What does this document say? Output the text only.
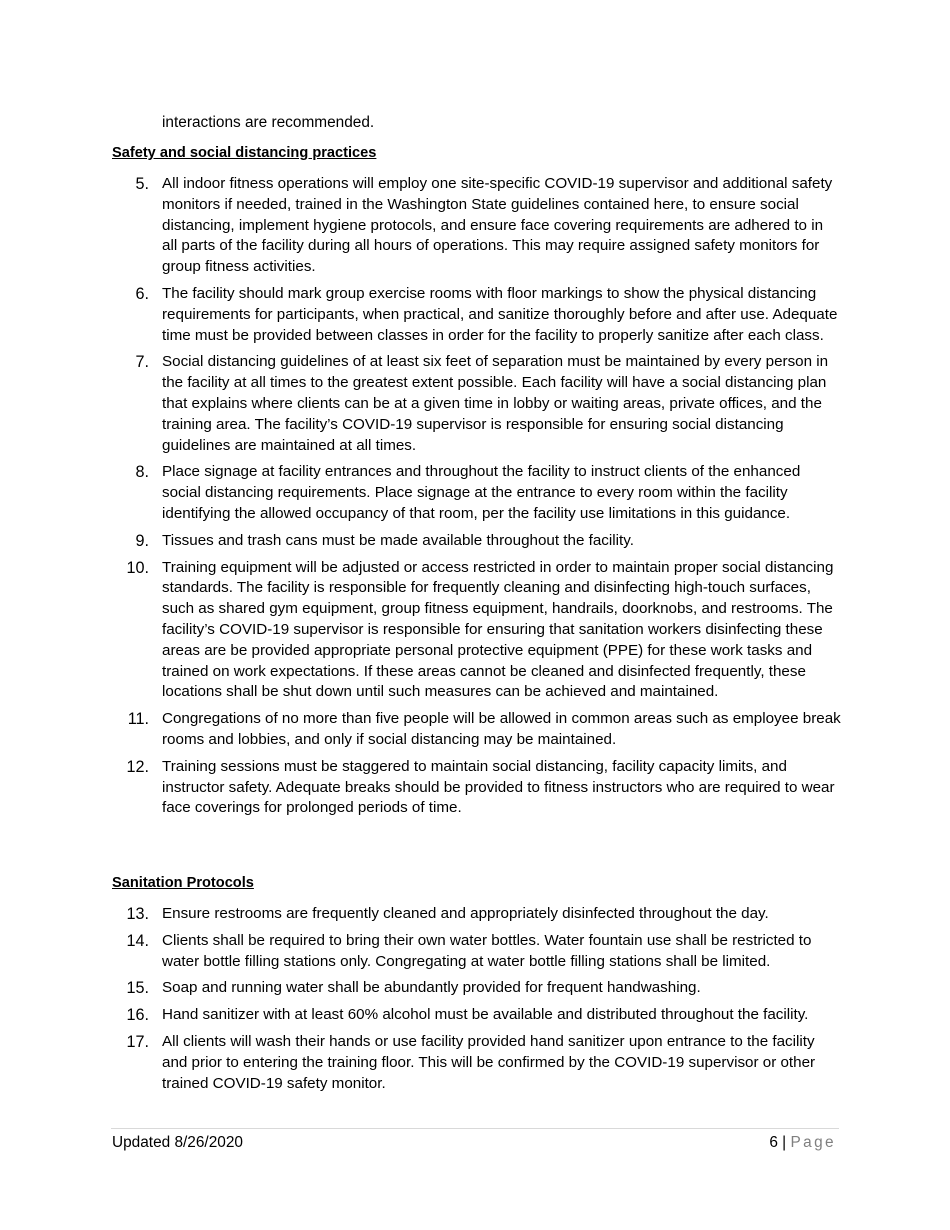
interactions are recommended.
Safety and social distancing practices
5. All indoor fitness operations will employ one site-specific COVID-19 supervisor and additional safety monitors if needed, trained in the Washington State guidelines contained here, to ensure social distancing, implement hygiene protocols, and ensure face covering requirements are adhered to in all parts of the facility during all hours of operations. This may require assigned safety monitors for group fitness activities.
6. The facility should mark group exercise rooms with floor markings to show the physical distancing requirements for participants, when practical, and sanitize thoroughly before and after use. Adequate time must be provided between classes in order for the facility to properly sanitize after each class.
7. Social distancing guidelines of at least six feet of separation must be maintained by every person in the facility at all times to the greatest extent possible. Each facility will have a social distancing plan that explains where clients can be at a given time in lobby or waiting areas, private offices, and the training area. The facility’s COVID-19 supervisor is responsible for ensuring social distancing guidelines are maintained at all times.
8. Place signage at facility entrances and throughout the facility to instruct clients of the enhanced social distancing requirements. Place signage at the entrance to every room within the facility identifying the allowed occupancy of that room, per the facility use limitations in this guidance.
9. Tissues and trash cans must be made available throughout the facility.
10. Training equipment will be adjusted or access restricted in order to maintain proper social distancing standards. The facility is responsible for frequently cleaning and disinfecting high-touch surfaces, such as shared gym equipment, group fitness equipment, handrails, doorknobs, and restrooms. The facility’s COVID-19 supervisor is responsible for ensuring that sanitation workers disinfecting these areas are be provided appropriate personal protective equipment (PPE) for these work tasks and trained on work expectations. If these areas cannot be cleaned and disinfected frequently, these locations shall be shut down until such measures can be achieved and maintained.
11. Congregations of no more than five people will be allowed in common areas such as employee break rooms and lobbies, and only if social distancing may be maintained.
12. Training sessions must be staggered to maintain social distancing, facility capacity limits, and instructor safety. Adequate breaks should be provided to fitness instructors who are required to wear face coverings for prolonged periods of time.
Sanitation Protocols
13. Ensure restrooms are frequently cleaned and appropriately disinfected throughout the day.
14. Clients shall be required to bring their own water bottles. Water fountain use shall be restricted to water bottle filling stations only. Congregating at water bottle filling stations shall be limited.
15. Soap and running water shall be abundantly provided for frequent handwashing.
16. Hand sanitizer with at least 60% alcohol must be available and distributed throughout the facility.
17. All clients will wash their hands or use facility provided hand sanitizer upon entrance to the facility and prior to entering the training floor. This will be confirmed by the COVID-19 supervisor or other trained COVID-19 safety monitor.
Updated 8/26/2020	6 | Page
